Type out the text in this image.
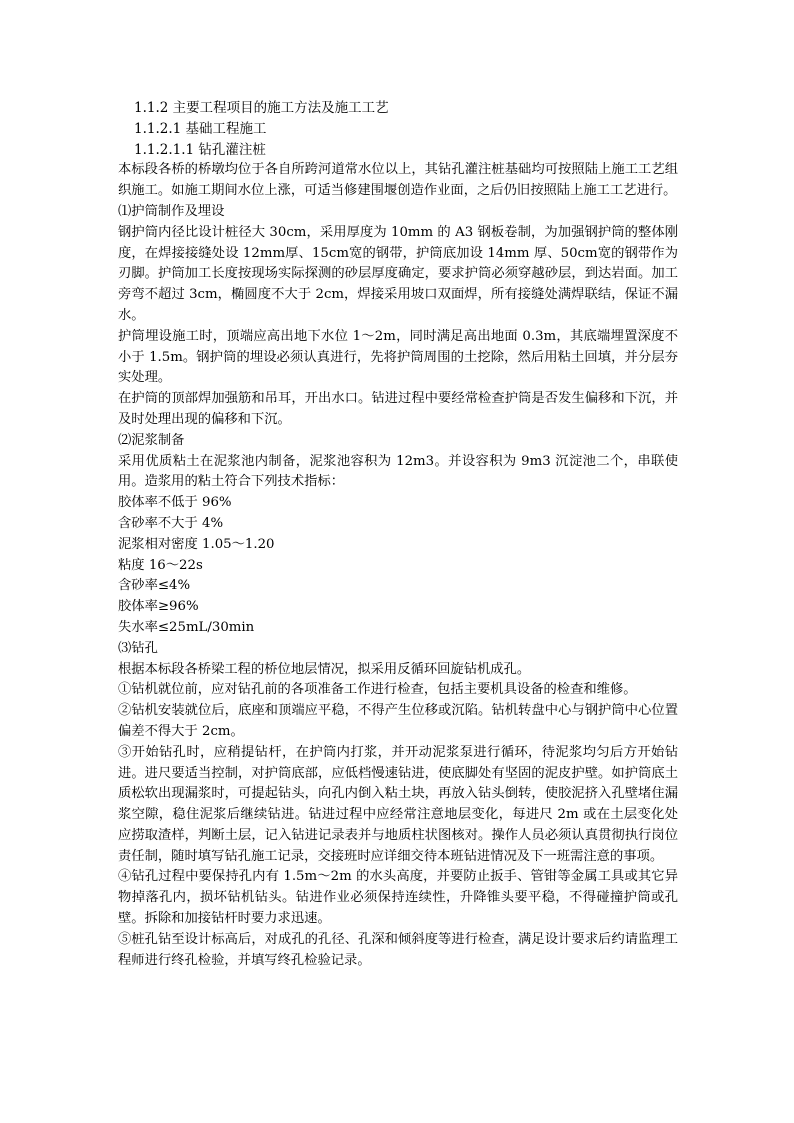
1.1.2 主要工程项目的施工方法及施工工艺
1.1.2.1 基础工程施工
1.1.2.1.1 钻孔灌注桩

本标段各桥的桥墩均位于各自所跨河道常水位以上，其钻孔灌注桩基础均可按照陆上施工工艺组织施工。如施工期间水位上涨，可适当修建围堰创造作业面，之后仍旧按照陆上施工工艺进行。

⑴护筒制作及埋设

钢护筒内径比设计桩径大 30cm，采用厚度为 10mm 的 A3 钢板卷制，为加强钢护筒的整体刚度，在焊接接缝处设 12mm厚、15cm宽的钢带，护筒底加设 14mm 厚、50cm宽的钢带作为刃脚。护筒加工长度按现场实际探测的砂层厚度确定，要求护筒必须穿越砂层，到达岩面。加工旁弯不超过 3cm，椭圆度不大于 2cm，焊接采用坡口双面焊，所有接缝处满焊联结，保证不漏水。

护筒埋设施工时，顶端应高出地下水位 1～2m，同时满足高出地面 0.3m，其底端埋置深度不小于 1.5m。钢护筒的埋设必须认真进行，先将护筒周围的土挖除，然后用粘土回填，并分层夯实处理。

在护筒的顶部焊加强筋和吊耳，开出水口。钻进过程中要经常检查护筒是否发生偏移和下沉，并及时处理出现的偏移和下沉。

⑵泥浆制备

采用优质粘土在泥浆池内制备，泥浆池容积为 12m3。并设容积为 9m3 沉淀池二个，串联使用。造浆用的粘土符合下列技术指标：

胶体率不低于 96%
含砂率不大于 4%
泥浆相对密度 1.05～1.20
粘度 16～22s
含砂率≤4%
胶体率≥96%
失水率≤25mL/30min
⑶钻孔

根据本标段各桥梁工程的桥位地层情况，拟采用反循环回旋钻机成孔。

①钻机就位前，应对钻孔前的各项准备工作进行检查，包括主要机具设备的检查和维修。

②钻机安装就位后，底座和顶端应平稳，不得产生位移或沉陷。钻机转盘中心与钢护筒中心位置偏差不得大于 2cm。

③开始钻孔时，应稍提钻杆，在护筒内打浆，并开动泥浆泵进行循环，待泥浆均匀后方开始钻进。进尺要适当控制，对护筒底部，应低档慢速钻进，使底脚处有坚固的泥皮护壁。如护筒底土质松软出现漏浆时，可提起钻头，向孔内倒入粘土块，再放入钻头倒转，使胶泥挤入孔壁堵住漏浆空隙，稳住泥浆后继续钻进。钻进过程中应经常注意地层变化，每进尺 2m 或在土层变化处应捞取渣样，判断土层，记入钻进记录表并与地质柱状图核对。操作人员必须认真贯彻执行岗位责任制，随时填写钻孔施工记录，交接班时应详细交待本班钻进情况及下一班需注意的事项。

④钻孔过程中要保持孔内有 1.5m～2m 的水头高度，并要防止扳手、管钳等金属工具或其它异物掉落孔内，损坏钻机钻头。钻进作业必须保持连续性，升降锥头要平稳，不得碰撞护筒或孔壁。拆除和加接钻杆时要力求迅速。

⑤桩孔钻至设计标高后，对成孔的孔径、孔深和倾斜度等进行检查，满足设计要求后约请监理工程师进行终孔检验，并填写终孔检验记录。
